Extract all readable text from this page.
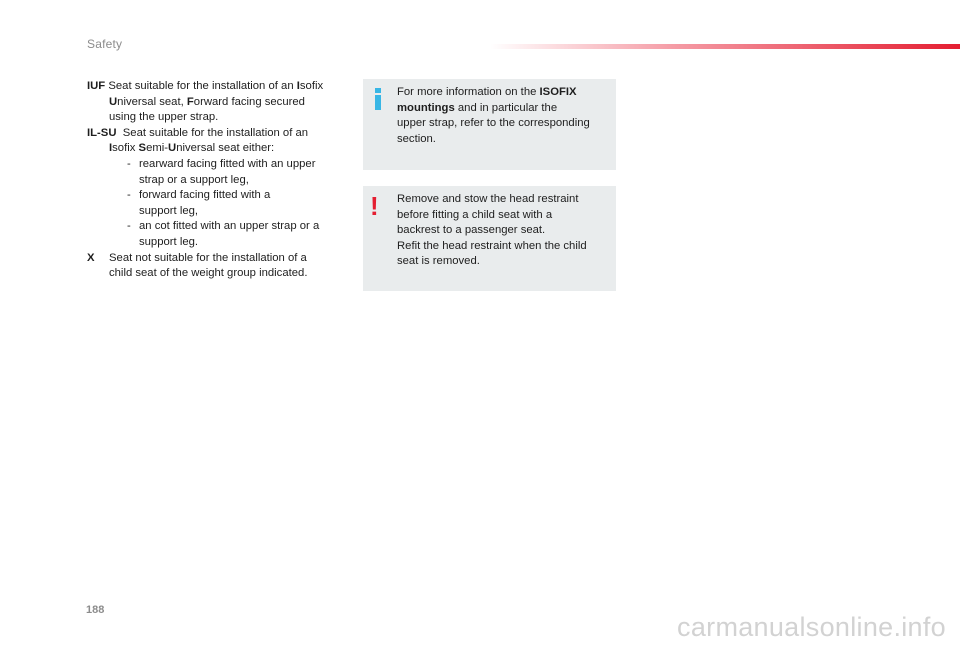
Safety

IUF Seat suitable for the installation of an Isofix

Universal seat, Forward facing secured

using the upper strap.

IL-SU  Seat suitable for the installation of an

Isofix Semi-Universal seat either:

- rearward facing fitted with an upper

strap or a support leg,

- forward facing fitted with a

support leg,

- an cot fitted with an upper strap or a

support leg.

X Seat not suitable for the installation of a

child seat of the weight group indicated.

For more information on the ISOFIX

mountings and in particular the

upper strap, refer to the corresponding

section.

! Remove and stow the head restraint

before fitting a child seat with a

backrest to a passenger seat.

Refit the head restraint when the child

seat is removed.

188
carmanualsonline.info
